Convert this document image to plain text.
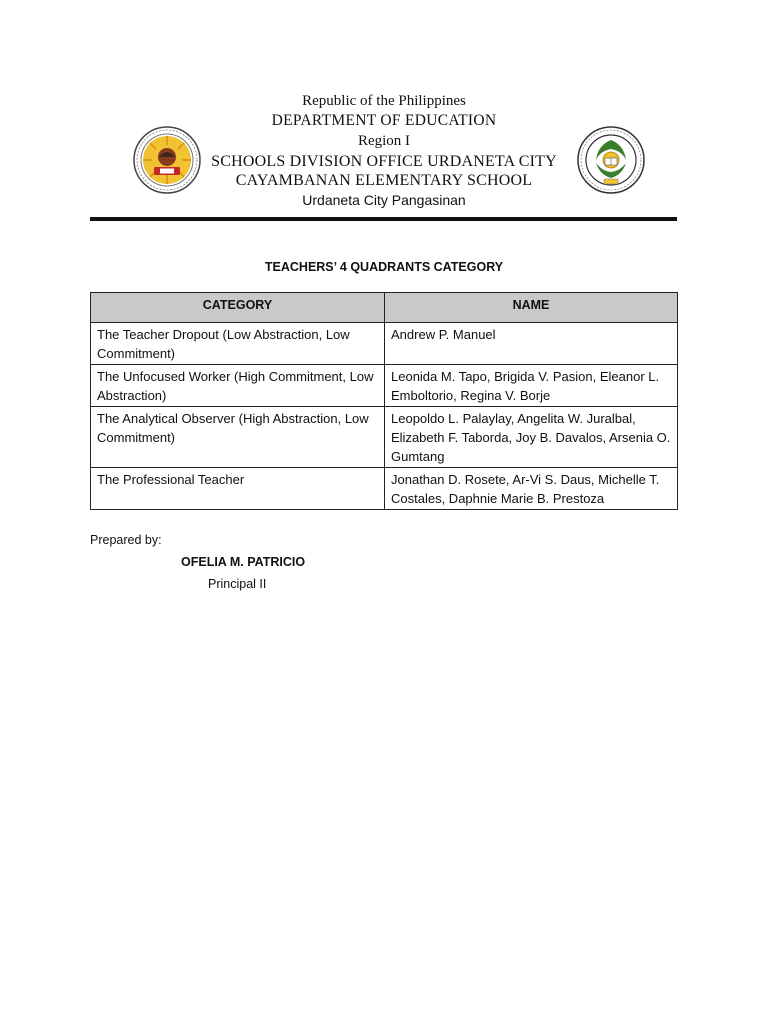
Republic of the Philippines
DEPARTMENT OF EDUCATION
Region I
SCHOOLS DIVISION OFFICE URDANETA CITY
CAYAMBANAN ELEMENTARY SCHOOL
Urdaneta City Pangasinan
TEACHERS’ 4 QUADRANTS CATEGORY
CATEGORY	NAME
The Teacher Dropout (Low Abstraction, Low Commitment)	Andrew P. Manuel
The Unfocused Worker (High Commitment, Low Abstraction)	Leonida M. Tapo, Brigida V. Pasion, Eleanor L. Emboltorio, Regina V. Borje
The Analytical Observer (High Abstraction, Low Commitment)	Leopoldo L. Palaylay, Angelita W. Juralbal, Elizabeth F. Taborda, Joy B. Davalos, Arsenia O. Gumtang
The Professional Teacher	Jonathan D. Rosete, Ar-Vi S. Daus, Michelle T. Costales, Daphnie Marie B. Prestoza
Prepared by:
OFELIA M. PATRICIO
Principal II
